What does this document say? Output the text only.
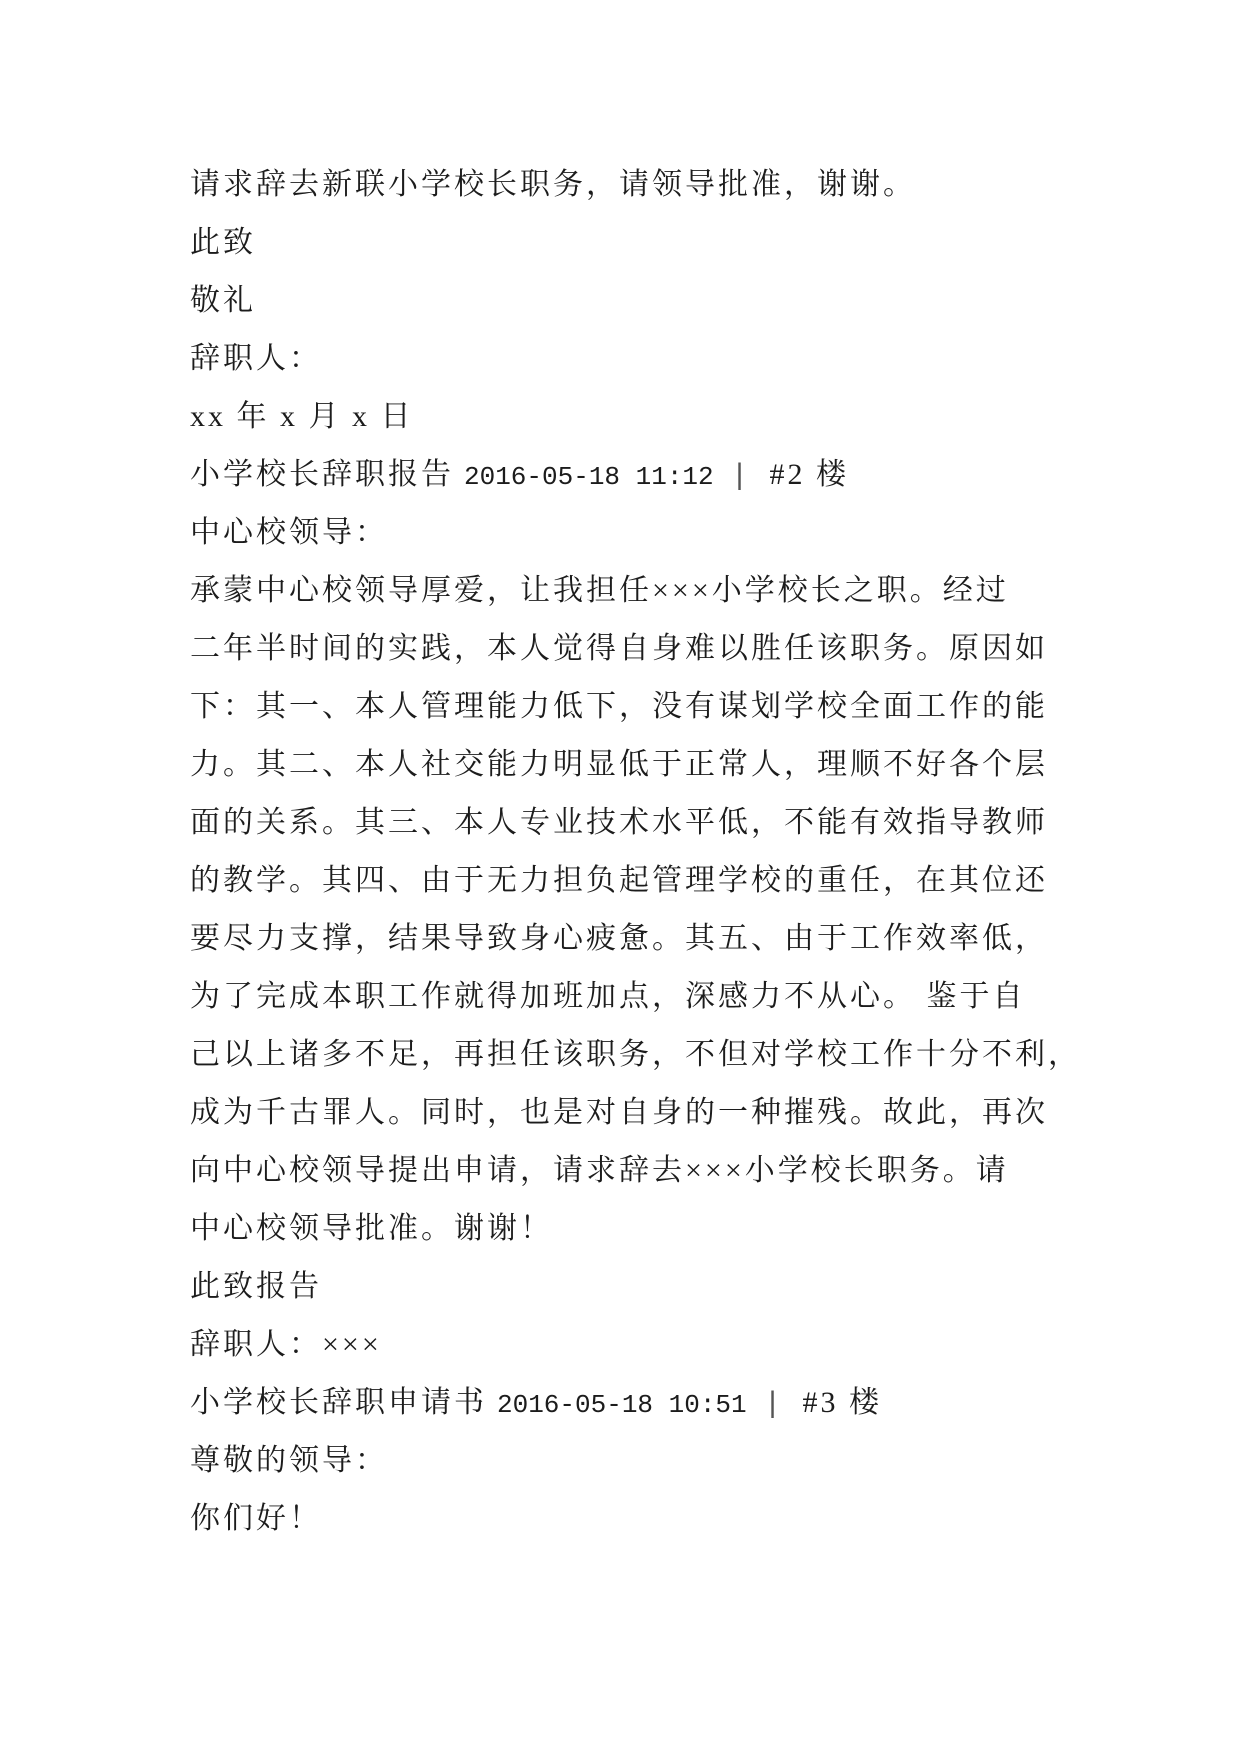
请求辞去新联小学校长职务，请领导批准，谢谢。
此致
敬礼
辞职人：
xx 年 x 月 x 日
小学校长辞职报告 2016-05-18 11:12 | #2 楼
中心校领导：
承蒙中心校领导厚爱，让我担任×××小学校长之职。经过
二年半时间的实践，本人觉得自身难以胜任该职务。原因如
下：其一、本人管理能力低下，没有谋划学校全面工作的能
力。其二、本人社交能力明显低于正常人，理顺不好各个层
面的关系。其三、本人专业技术水平低，不能有效指导教师
的教学。其四、由于无力担负起管理学校的重任，在其位还
要尽力支撑，结果导致身心疲惫。其五、由于工作效率低，
为了完成本职工作就得加班加点，深感力不从心。 鉴于自
己以上诸多不足，再担任该职务，不但对学校工作十分不利，
成为千古罪人。同时，也是对自身的一种摧残。故此，再次
向中心校领导提出申请，请求辞去×××小学校长职务。请
中心校领导批准。谢谢！
此致报告
辞职人：×××
小学校长辞职申请书 2016-05-18 10:51 | #3 楼
尊敬的领导：
你们好！
